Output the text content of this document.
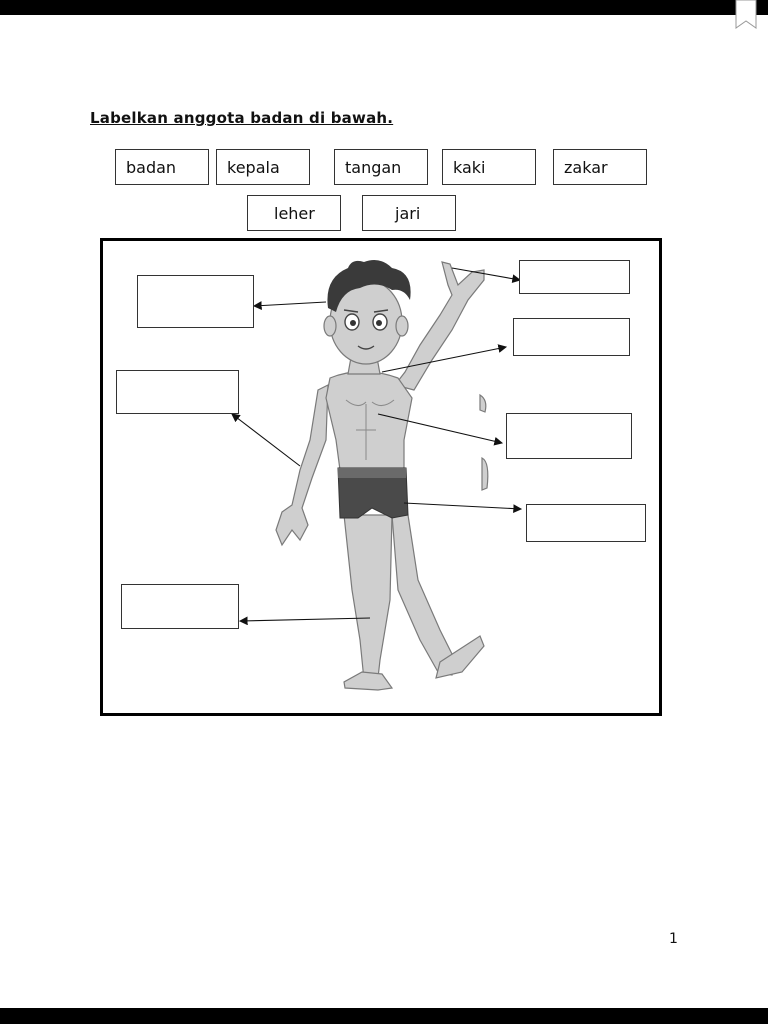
Labelkan anggota badan di bawah.
badan	kepala	tangan	kaki	zakar
leher	jari
1
